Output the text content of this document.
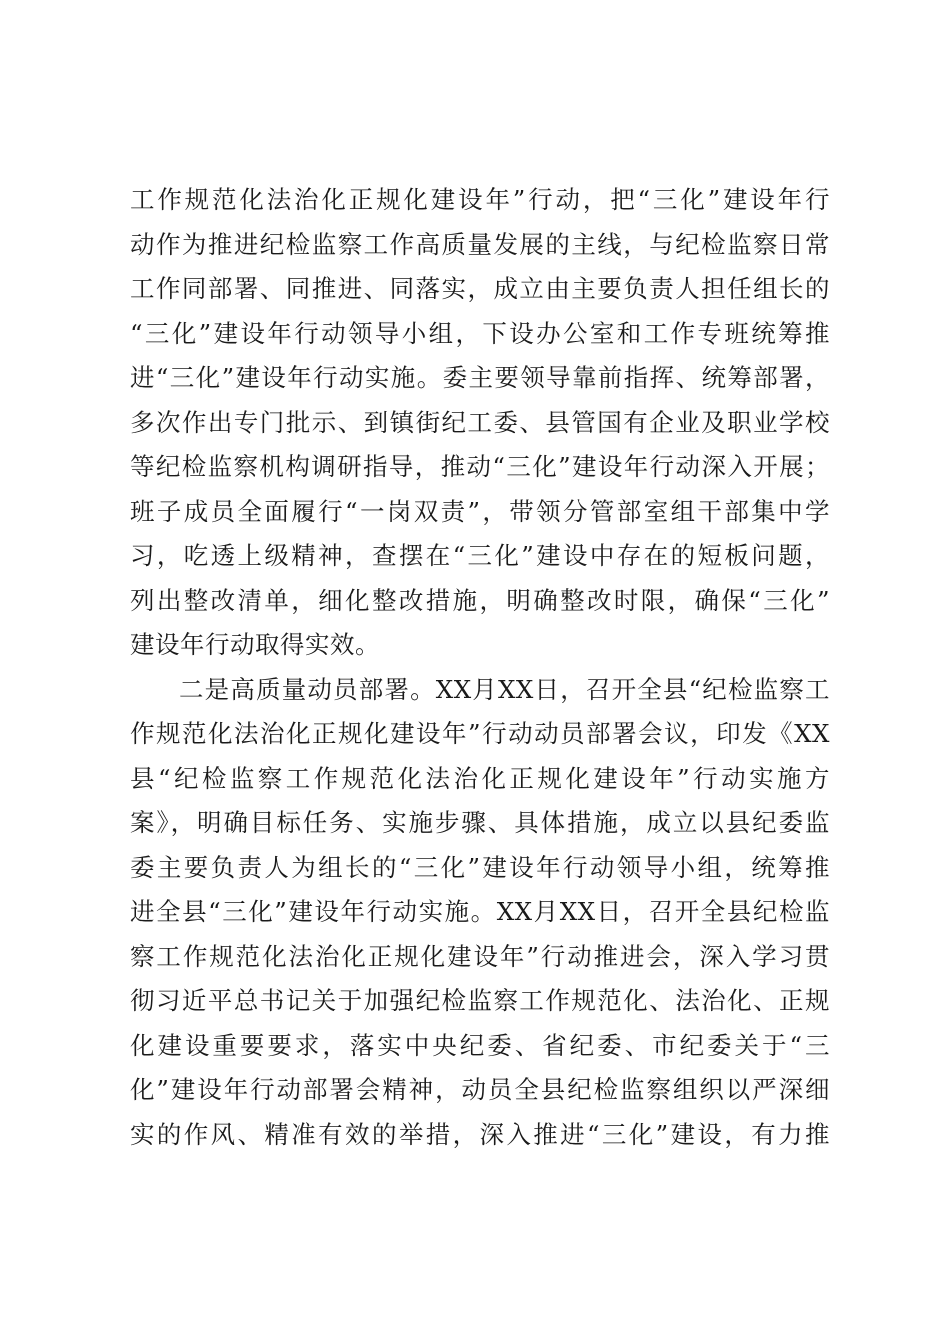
工作规范化法治化正规化建设年”行动，把“三化”建设年行
动作为推进纪检监察工作高质量发展的主线，与纪检监察日常
工作同部署、同推进、同落实，成立由主要负责人担任组长的
“三化”建设年行动领导小组，下设办公室和工作专班统筹推
进“三化”建设年行动实施。委主要领导靠前指挥、统筹部署，
多次作出专门批示、到镇街纪工委、县管国有企业及职业学校
等纪检监察机构调研指导，推动“三化”建设年行动深入开展；
班子成员全面履行“一岗双责”，带领分管部室组干部集中学
习，吃透上级精神，查摆在“三化”建设中存在的短板问题，
列出整改清单，细化整改措施，明确整改时限，确保“三化”
建设年行动取得实效。
二是高质量动员部署。XX月XX日，召开全县“纪检监察工
作规范化法治化正规化建设年”行动动员部署会议，印发《XX
县“纪检监察工作规范化法治化正规化建设年”行动实施方
案》，明确目标任务、实施步骤、具体措施，成立以县纪委监
委主要负责人为组长的“三化”建设年行动领导小组，统筹推
进全县“三化”建设年行动实施。XX月XX日，召开全县纪检监
察工作规范化法治化正规化建设年”行动推进会，深入学习贯
彻习近平总书记关于加强纪检监察工作规范化、法治化、正规
化建设重要要求，落实中央纪委、省纪委、市纪委关于“三
化”建设年行动部署会精神，动员全县纪检监察组织以严深细
实的作风、精准有效的举措，深入推进“三化”建设，有力推
